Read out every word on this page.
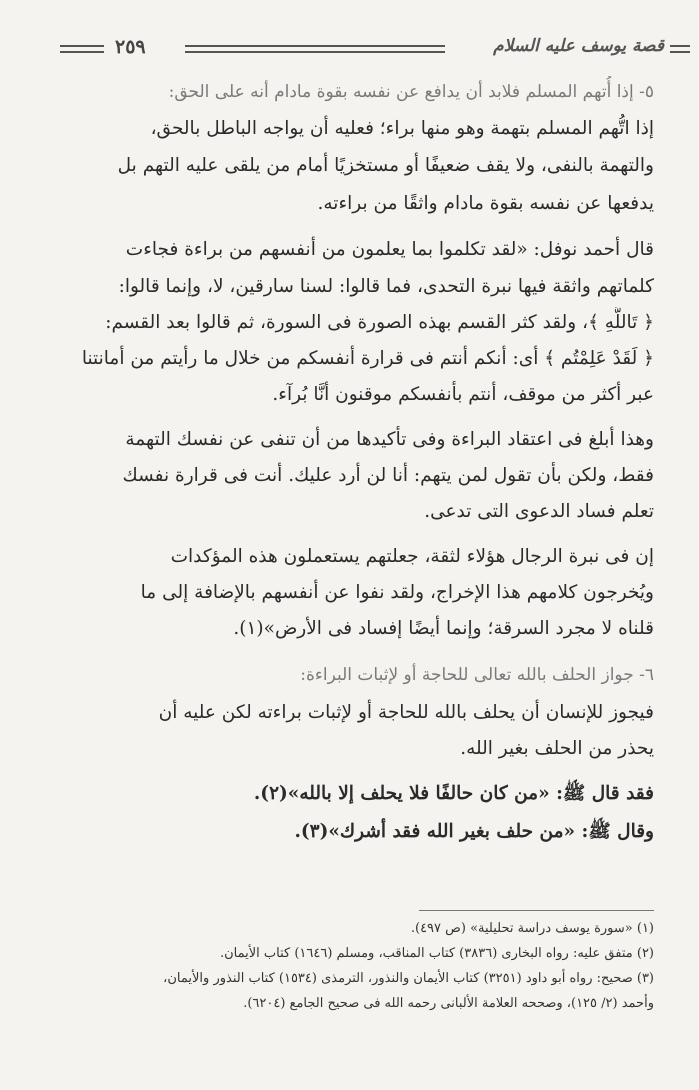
٢٥٩	قصة يوسف عليه السلام
٥- إذا أُتهم المسلم فلابد أن يدافع عن نفسه بقوة مادام أنه على الحق:
إذا اتُّهم المسلم بتهمة وهو منها براء؛ فعليه أن يواجه الباطل بالحق،
والتهمة بالنفى، ولا يقف ضعيفًا أو مستخزيًا أمام من يلقى عليه التهم بل
يدفعها عن نفسه بقوة مادام واثقًا من براءته.
قال أحمد نوفل: «لقد تكلموا بما يعلمون من أنفسهم من براءة فجاءت
كلماتهم واثقة فيها نبرة التحدى، فما قالوا: لسنا سارقين، لا، وإنما قالوا:
﴿ تَاللَّهِ ﴾، ولقد كثر القسم بهذه الصورة فى السورة، ثم قالوا بعد القسم:
﴿ لَقَدْ عَلِمْتُم ﴾ أى: أنكم أنتم فى قرارة أنفسكم من خلال ما رأيتم من أمانتنا
عبر أكثر من موقف، أنتم بأنفسكم موقنون أنَّا بُرآء.
وهذا أبلغ فى اعتقاد البراءة وفى تأكيدها من أن تنفى عن نفسك التهمة
فقط، ولكن بأن تقول لمن يتهم: أنا لن أرد عليك. أنت فى قرارة نفسك
تعلم فساد الدعوى التى تدعى.
إن فى نبرة الرجال هؤلاء لثقة، جعلتهم يستعملون هذه المؤكدات
ويُخرجون كلامهم هذا الإخراج، ولقد نفوا عن أنفسهم بالإضافة إلى ما
قلناه لا مجرد السرقة؛ وإنما أيضًا إفساد فى الأرض»(١).
٦- جواز الحلف بالله تعالى للحاجة أو لإثبات البراءة:
فيجوز للإنسان أن يحلف بالله للحاجة أو لإثبات براءته لكن عليه أن
يحذر من الحلف بغير الله.
فقد قال ﷺ: «من كان حالفًا فلا يحلف إلا بالله»(٢).
وقال ﷺ: «من حلف بغير الله فقد أشرك»(٣).
(١) «سورة يوسف دراسة تحليلية» (ص ٤٩٧).
(٢) متفق عليه: رواه البخارى (٣٨٣٦) كتاب المناقب، ومسلم (١٦٤٦) كتاب الأيمان.
(٣) صحيح: رواه أبو داود (٣٢٥١) كتاب الأيمان والنذور، الترمذى (١٥٣٤) كتاب النذور والأيمان،
وأحمد (٢/ ١٢٥)، وصححه العلامة الألبانى رحمه الله فى صحيح الجامع (٦٢٠٤).
